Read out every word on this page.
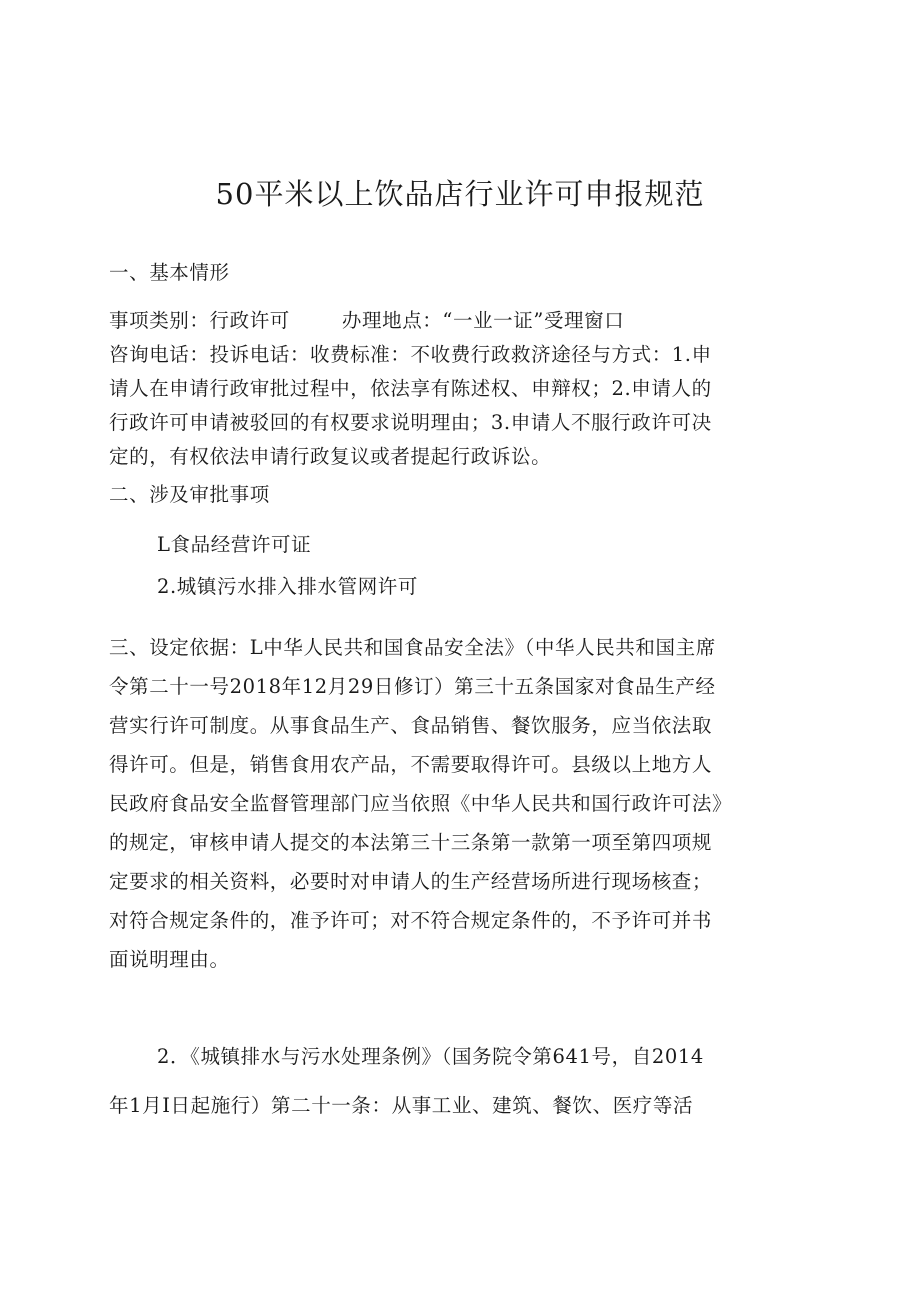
50平米以上饮品店行业许可申报规范
一、基本情形
事项类别：行政许可	办理地点：“一业一证”受理窗口
咨询电话：投诉电话：收费标准：不收费行政救济途径与方式：1.申
请人在申请行政审批过程中，依法享有陈述权、申辩权；2.申请人的
行政许可申请被驳回的有权要求说明理由；3.申请人不服行政许可决
定的，有权依法申请行政复议或者提起行政诉讼。
二、涉及审批事项
L食品经营许可证
2.城镇污水排入排水管网许可
三、设定依据：L中华人民共和国食品安全法》（中华人民共和国主席
令第二十一号2018年12月29日修订）第三十五条国家对食品生产经
营实行许可制度。从事食品生产、食品销售、餐饮服务，应当依法取
得许可。但是，销售食用农产品，不需要取得许可。县级以上地方人
民政府食品安全监督管理部门应当依照《中华人民共和国行政许可法》
的规定，审核申请人提交的本法第三十三条第一款第一项至第四项规
定要求的相关资料，必要时对申请人的生产经营场所进行现场核查；
对符合规定条件的，准予许可；对不符合规定条件的，不予许可并书
面说明理由。
2．《城镇排水与污水处理条例》（国务院令第641号，自2014
年1月I日起施行）第二十一条：从事工业、建筑、餐饮、医疗等活
